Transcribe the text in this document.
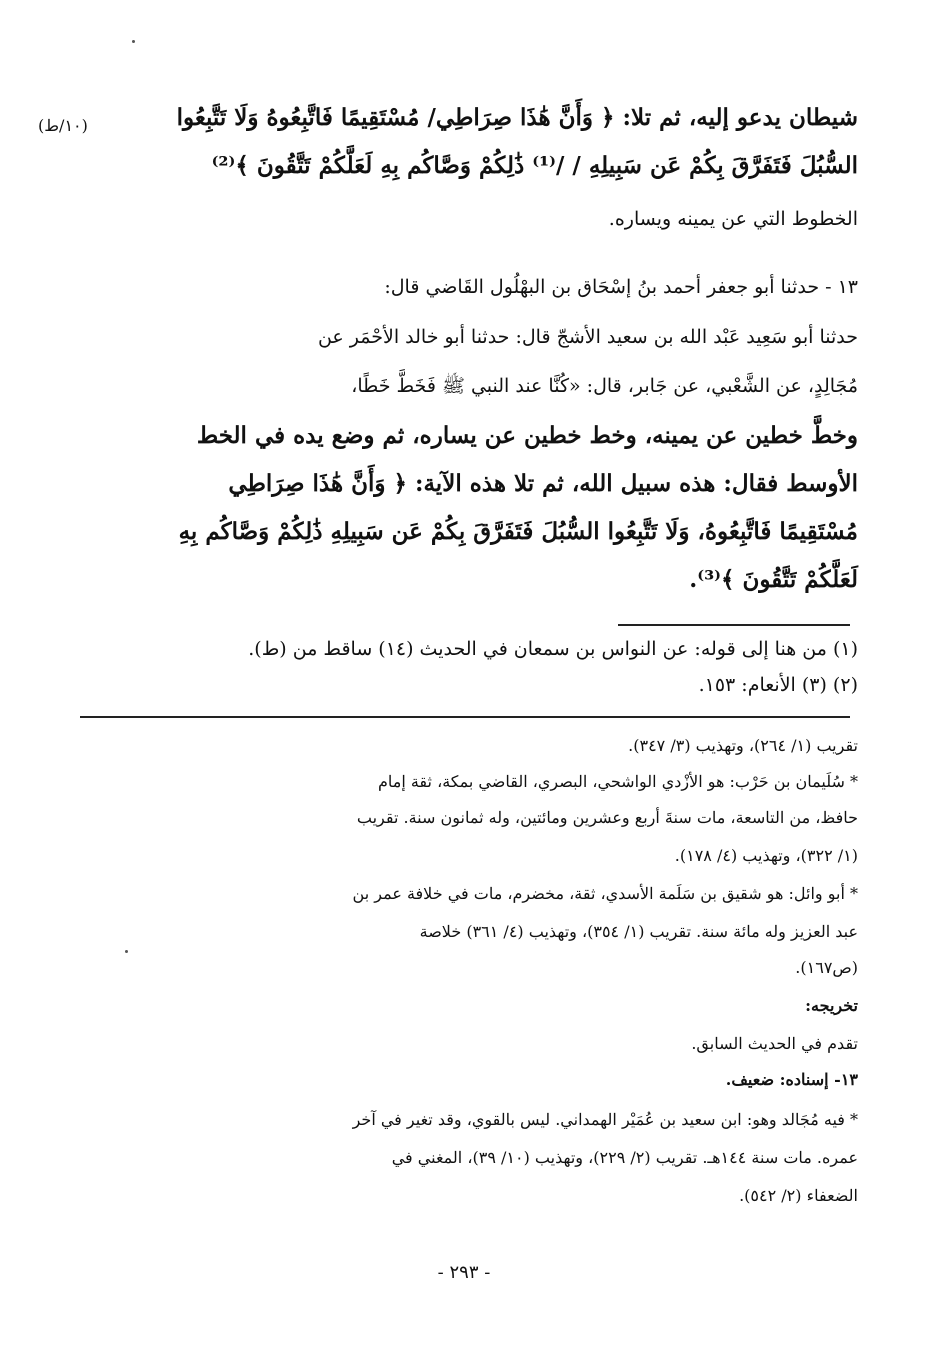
(١٠/ط)	شيطان يدعو إليه، ثم تلا: ﴿ وَأَنَّ هَٰذَا صِرَاطِي/ مُسْتَقِيمًا فَاتَّبِعُوهُ وَلَا تَتَّبِعُوا
السُّبُلَ فَتَفَرَّقَ بِكُمْ عَن سَبِيلِهِ / /⁽¹⁾ ذَٰلِكُمْ وَصَّاكُم بِهِ لَعَلَّكُمْ تَتَّقُونَ ﴾⁽²⁾
الخطوط التي عن يمينه ويساره.
١٣ - حدثنا أبو جعفر أحمد بنُ إسْحَاق بن البهْلُول القَاضي قال:
حدثنا أبو سَعِيد عَبْد الله بن سعيد الأشجّ قال: حدثنا أبو خالد الأحْمَر عن
مُجَالِدٍ، عن الشَّعْبي، عن جَابر، قال: «كُنَّا عند النبي ﷺ فَخَطَّ خَطًا،
وخطَّ خطين عن يمينه، وخط خطين عن يساره، ثم وضع يده في الخط
الأوسط فقال: هذه سبيل الله، ثم تلا هذه الآية: ﴿ وَأَنَّ هَٰذَا صِرَاطِي
مُسْتَقِيمًا فَاتَّبِعُوهُ، وَلَا تَتَّبِعُوا السُّبُلَ فَتَفَرَّقَ بِكُمْ عَن سَبِيلِهِ ذَٰلِكُمْ وَصَّاكُم بِهِ
لَعَلَّكُمْ تَتَّقُونَ ﴾⁽³⁾.
(١) من هنا إلى قوله: عن النواس بن سمعان في الحديث (١٤) ساقط من (ط).
(٢) (٣) الأنعام: ١٥٣.
تقريب (١/ ٢٦٤)، وتهذيب (٣/ ٣٤٧).
* سُلَيمان بن حَرْب: هو الأزْدي الواشحي، البصري، القاضي بمكة، ثقة إمام
حافظ، من التاسعة، مات سنةَ أربع وعشرين ومائتين، وله ثمانون سنة. تقريب
(١/ ٣٢٢)، وتهذيب (٤/ ١٧٨).
* أبو وائل: هو شقيق بن سَلَمة الأسدي، ثقة، مخضرم، مات في خلافة عمر بن
عبد العزيز وله مائة سنة. تقريب (١/ ٣٥٤)، وتهذيب (٤/ ٣٦١) خلاصة
(ص١٦٧).
تخريجه:
تقدم في الحديث السابق.
١٣- إسناده: ضعيف.
* فيه مُجَالد وهو: ابن سعيد بن عُمَيْر الهمداني. ليس بالقوي، وقد تغير في آخر
عمره. مات سنة ١٤٤هـ. تقريب (٢/ ٢٢٩)، وتهذيب (١٠/ ٣٩)، المغني في
الضعفاء (٢/ ٥٤٢).
- ٢٩٣ -
